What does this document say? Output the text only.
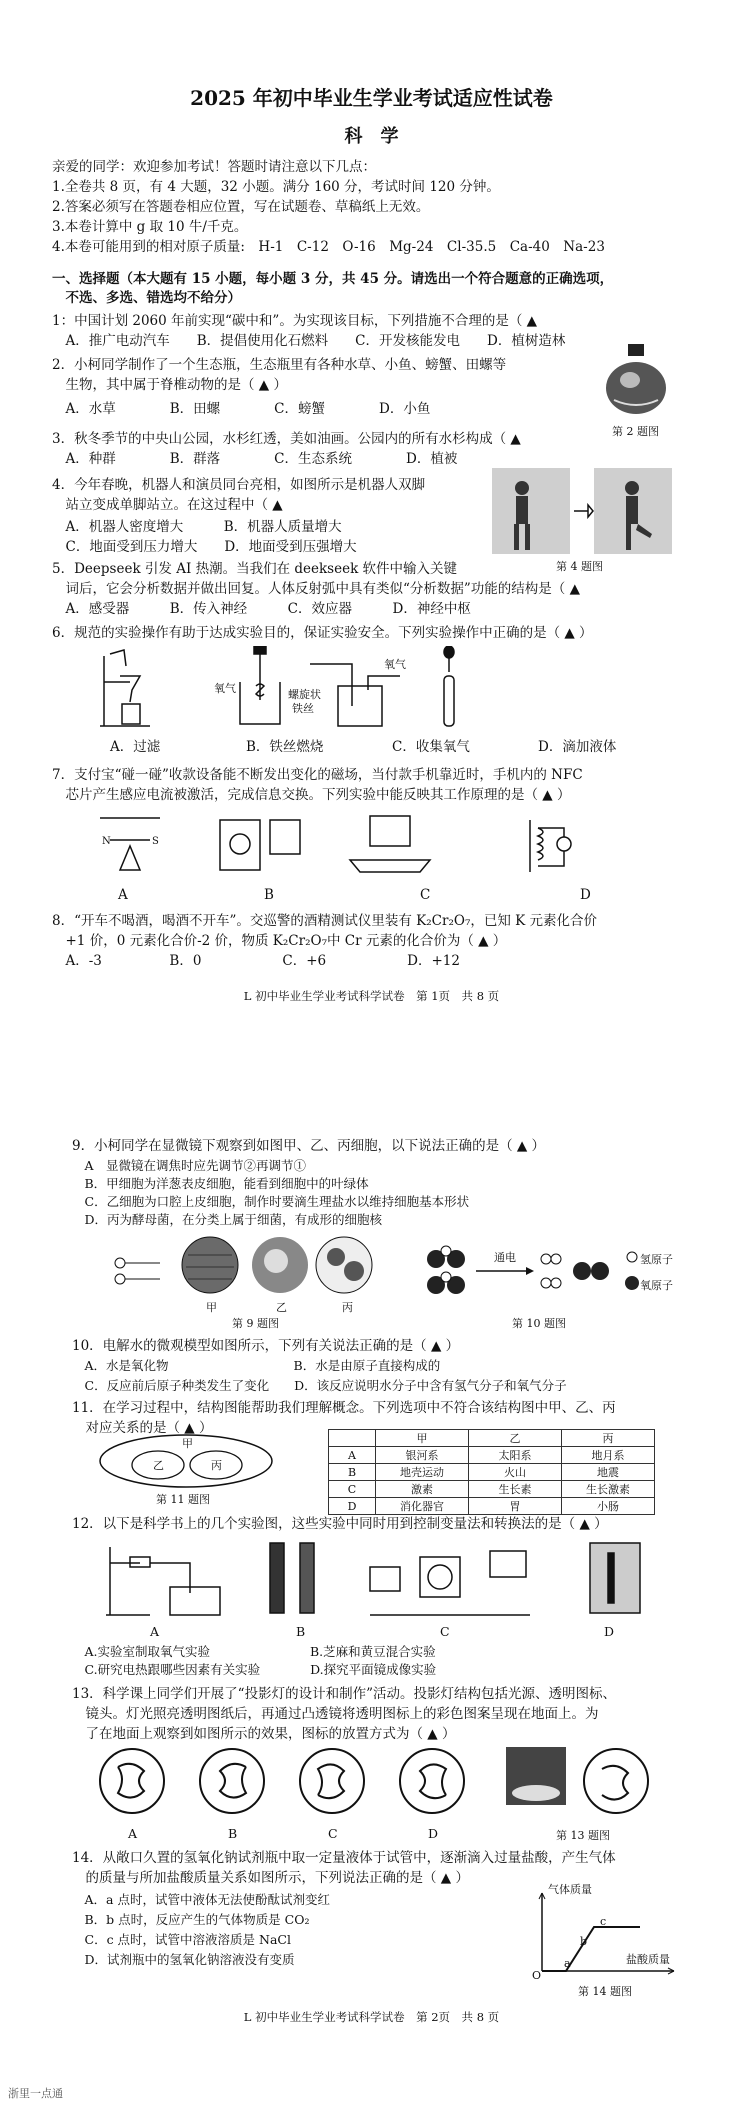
2025 年初中毕业生学业考试适应性试卷
科　学
亲爱的同学：欢迎参加考试！答题时请注意以下几点：
1.全卷共 8 页，有 4 大题，32 小题。满分 160 分，考试时间 120 分钟。
2.答案必须写在答题卷相应位置，写在试题卷、草稿纸上无效。
3.本卷计算中 g 取 10 牛/千克。
4.本卷可能用到的相对原子质量:　H-1　C-12　O-16　Mg-24　Cl-35.5　Ca-40　Na-23
一、选择题（本大题有 15 小题，每小题 3 分，共 45 分。请选出一个符合题意的正确选项，
　不选、多选、错选均不给分）
1：中国计划 2060 年前实现“碳中和”。为实现该目标，下列措施不合理的是（ ▲
　A．推广电动汽车　　B．提倡使用化石燃料　　C．开发核能发电　　D．植树造林
2．小柯同学制作了一个生态瓶，生态瓶里有各种水草、小鱼、螃蟹、田螺等
　生物，其中属于脊椎动物的是（ ▲ ）
　A．水草　　　　B．田螺　　　　C．螃蟹　　　　D．小鱼
第 2 题图
3．秋冬季节的中央山公园，水杉红透，美如油画。公园内的所有水杉构成（ ▲
　A．种群　　　　B．群落　　　　C．生态系统　　　　D．植被
4．今年春晚，机器人和演员同台亮相，如图所示是机器人双脚
　站立变成单脚站立。在这过程中（ ▲
　A．机器人密度增大　　　B．机器人质量增大
　C．地面受到压力增大　　D．地面受到压强增大
第 4 题图
5．Deepseek 引发 AI 热潮。当我们在 deekseek 软件中输入关键
　词后，它会分析数据并做出回复。人体反射弧中具有类似“分析数据”功能的结构是（ ▲
　A．感受器　　　B．传入神经　　　C．效应器　　　D．神经中枢
6．规范的实验操作有助于达成实验目的，保证实验安全。下列实验操作中正确的是（ ▲ ）
氧气	螺旋状
铁丝
氧气
A．过滤	B．铁丝燃烧	C．收集氧气	D．滴加液体
7．支付宝“碰一碰”收款设备能不断发出变化的磁场，当付款手机靠近时，手机内的 NFC
　芯片产生感应电流被激活，完成信息交换。下列实验中能反映其工作原理的是（ ▲ ）
N	S
A	B	C	D
8．“开车不喝酒，喝酒不开车”。交巡警的酒精测试仪里装有 K₂Cr₂O₇，已知 K 元素化合价
　+1 价，0 元素化合价-2 价，物质 K₂Cr₂O₇中 Cr 元素的化合价为（ ▲ ）
　A．-3　　　　　B．0　　　　　　C．+6　　　　　　D．+12
L 初中毕业生学业考试科学试卷　第 1页　共 8 页
9．小柯同学在显微镜下观察到如图甲、乙、丙细胞，以下说法正确的是（ ▲ ）
　A　显微镜在调焦时应先调节②再调节①
　B．甲细胞为洋葱表皮细胞，能看到细胞中的叶绿体
　C．乙细胞为口腔上皮细胞，制作时要滴生理盐水以维持细胞基本形状
　D．丙为酵母菌，在分类上属于细菌，有成形的细胞核
甲	乙	丙
第 9 题图
通电	氢原子
氧原子
第 10 题图
10．电解水的微观模型如图所示，下列有关说法正确的是（ ▲ ）
　A．水是氧化物　　　　　　　　　　B．水是由原子直接构成的
　C．反应前后原子种类发生了变化　　D．该反应说明水分子中含有氢气分子和氧气分子
11．在学习过程中，结构图能帮助我们理解概念。下列选项中不符合该结构图中甲、乙、丙
　对应关系的是（ ▲ ）
甲
乙	丙
第 11 题图
	甲	乙	丙
A	银河系	太阳系	地月系
B	地壳运动	火山	地震
C	激素	生长素	生长激素
D	消化器官	胃	小肠
12．以下是科学书上的几个实验图，这些实验中同时用到控制变量法和转换法的是（ ▲ ）
A	B	C	D
　A.实验室制取氧气实验　　　　　　　　B.芝麻和黄豆混合实验
　C.研究电热跟哪些因素有关实验　　　　D.探究平面镜成像实验
13．科学课上同学们开展了“投影灯的设计和制作”活动。投影灯结构包括光源、透明图标、
　镜头。灯光照亮透明图纸后，再通过凸透镜将透明图标上的彩色图案呈现在地面上。为
　了在地面上观察到如图所示的效果，图标的放置方式为（ ▲ ）
A	B	C	D	第 13 题图
14．从敞口久置的氢氧化钠试剂瓶中取一定量液体于试管中，逐渐滴入过量盐酸，产生气体
　的质量与所加盐酸质量关系如图所示，下列说法正确的是（ ▲ ）
　A．a 点时，试管中液体无法使酚酞试剂变红
　B．b 点时，反应产生的气体物质是 CO₂
　C．c 点时，试管中溶液溶质是 NaCl
　D．试剂瓶中的氢氧化钠溶液没有变质
气体质量
盐酸质量
a
b
c
O
第 14 题图
L 初中毕业生学业考试科学试卷　第 2页　共 8 页
浙里一点通
